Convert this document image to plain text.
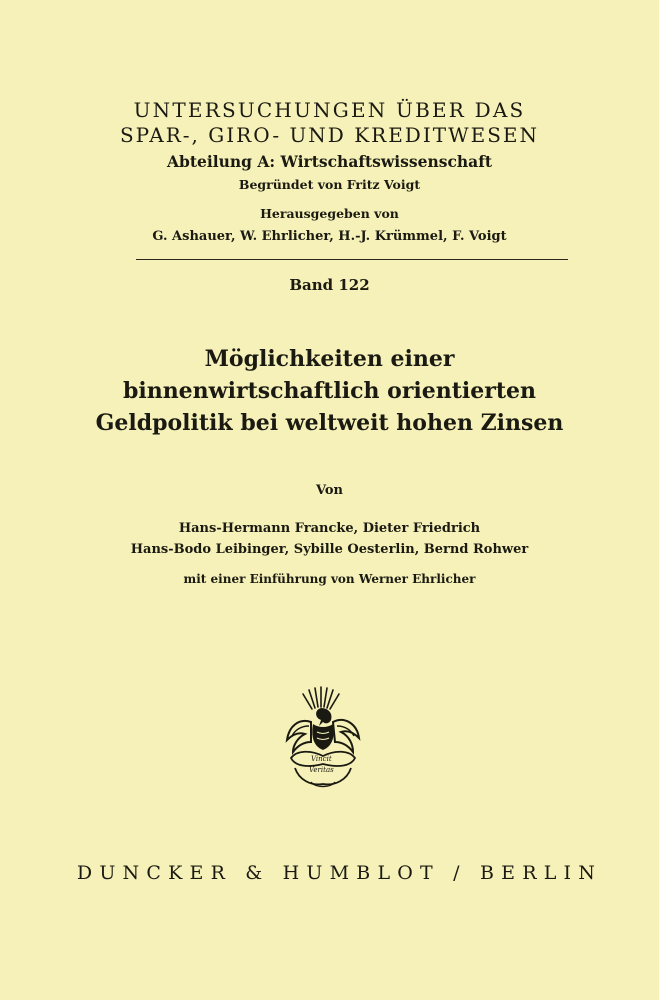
UNTERSUCHUNGEN ÜBER DAS
SPAR-, GIRO- UND KREDITWESEN
Abteilung A: Wirtschaftswissenschaft
Begründet von Fritz Voigt
Herausgegeben von
G. Ashauer, W. Ehrlicher, H.-J. Krümmel, F. Voigt
Band 122
Möglichkeiten einer
binnenwirtschaftlich orientierten
Geldpolitik bei weltweit hohen Zinsen
Von
Hans-Hermann Francke, Dieter Friedrich
Hans-Bodo Leibinger, Sybille Oesterlin, Bernd Rohwer
mit einer Einführung von Werner Ehrlicher
Vincit
Veritas
DUNCKER & HUMBLOT / BERLIN
